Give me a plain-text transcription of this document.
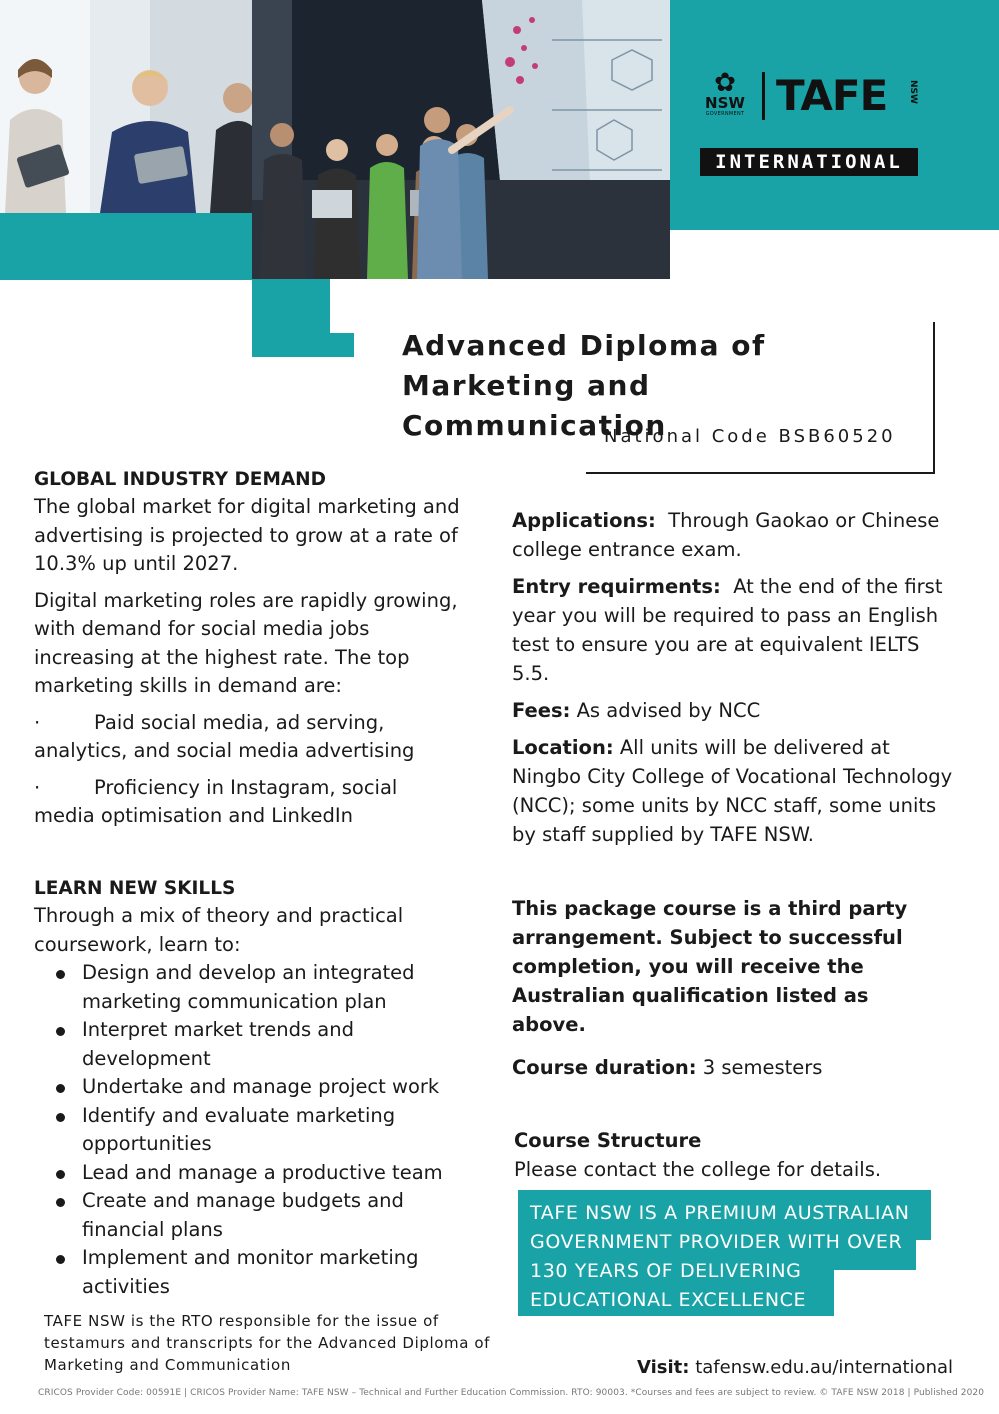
✿
NSW
GOVERNMENT TAFE NSW
INTERNATIONAL
Advanced Diploma of
Marketing and Communication
National Code BSB60520
GLOBAL INDUSTRY DEMAND

The global market for digital marketing and advertising is projected to grow at a rate of 10.3% up until 2027.

Digital marketing roles are rapidly growing, with demand for social media jobs increasing at the highest rate. The top marketing skills in demand are:

·	Paid social media, ad serving,
analytics, and social media advertising
·	Proficiency in Instagram, social
media optimisation and LinkedIn
LEARN NEW SKILLS
Through a mix of theory and practical coursework, learn to:
Design and develop an integrated marketing communication plan
Interpret market trends and development
Undertake and manage project work
Identify and evaluate marketing opportunities
Lead and manage a productive team
Create and manage budgets and financial plans
Implement and monitor marketing activities
TAFE NSW is the RTO responsible for the issue of testamurs and transcripts for the Advanced Diploma of Marketing and Communication
Applications: Through Gaokao or Chinese college entrance exam.
Entry requirments: At the end of the first year you will be required to pass an English test to ensure you are at equivalent IELTS 5.5.
Fees: As advised by NCC
Location: All units will be delivered at Ningbo City College of Vocational Technology (NCC); some units by NCC staff, some units by staff supplied by TAFE NSW.
This package course is a third party arrangement. Subject to successful completion, you will receive the Australian qualification listed as above.
Course duration: 3 semesters
Course Structure
Please contact the college for details.
TAFE NSW IS A PREMIUM AUSTRALIAN
GOVERNMENT PROVIDER WITH OVER
130 YEARS OF DELIVERING
EDUCATIONAL EXCELLENCE
Visit: tafensw.edu.au/international
CRICOS Provider Code: 00591E | CRICOS Provider Name: TAFE NSW – Technical and Further Education Commission. RTO: 90003. *Courses and fees are subject to review. © TAFE NSW 2018 | Published 2020
